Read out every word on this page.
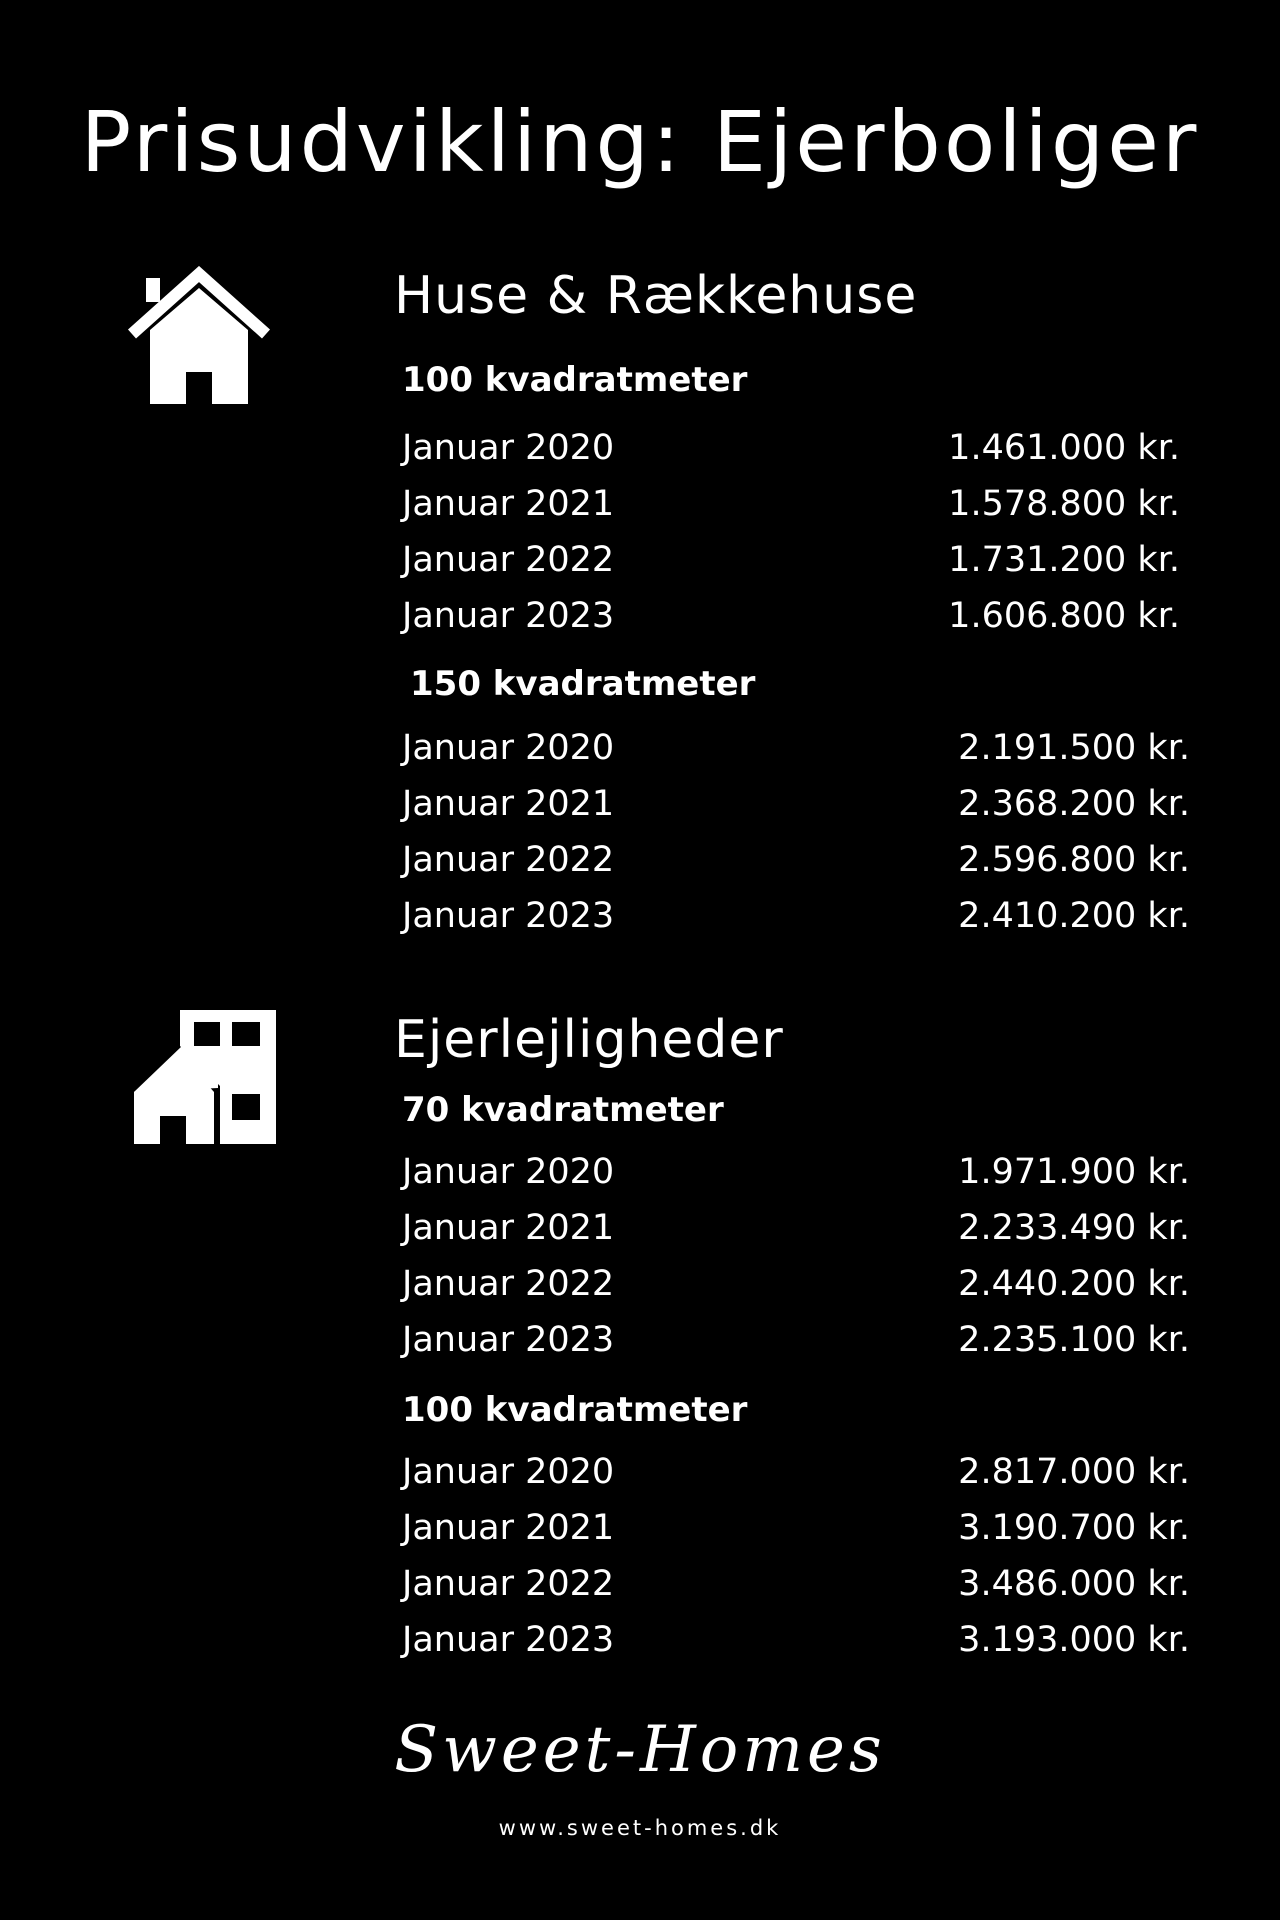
Prisudvikling: Ejerboliger
Huse & Rækkehuse
100 kvadratmeter
Januar 2020	1.461.000 kr.
Januar 2021	1.578.800 kr.
Januar 2022	1.731.200 kr.
Januar 2023	1.606.800 kr.
150 kvadratmeter
Januar 2020	2.191.500 kr.
Januar 2021	2.368.200 kr.
Januar 2022	2.596.800 kr.
Januar 2023	2.410.200 kr.
Ejerlejligheder
70 kvadratmeter
Januar 2020	1.971.900 kr.
Januar 2021	2.233.490 kr.
Januar 2022	2.440.200 kr.
Januar 2023	2.235.100 kr.
100 kvadratmeter
Januar 2020	2.817.000 kr.
Januar 2021	3.190.700 kr.
Januar 2022	3.486.000 kr.
Januar 2023	3.193.000 kr.
Sweet-Homes
www.sweet-homes.dk
